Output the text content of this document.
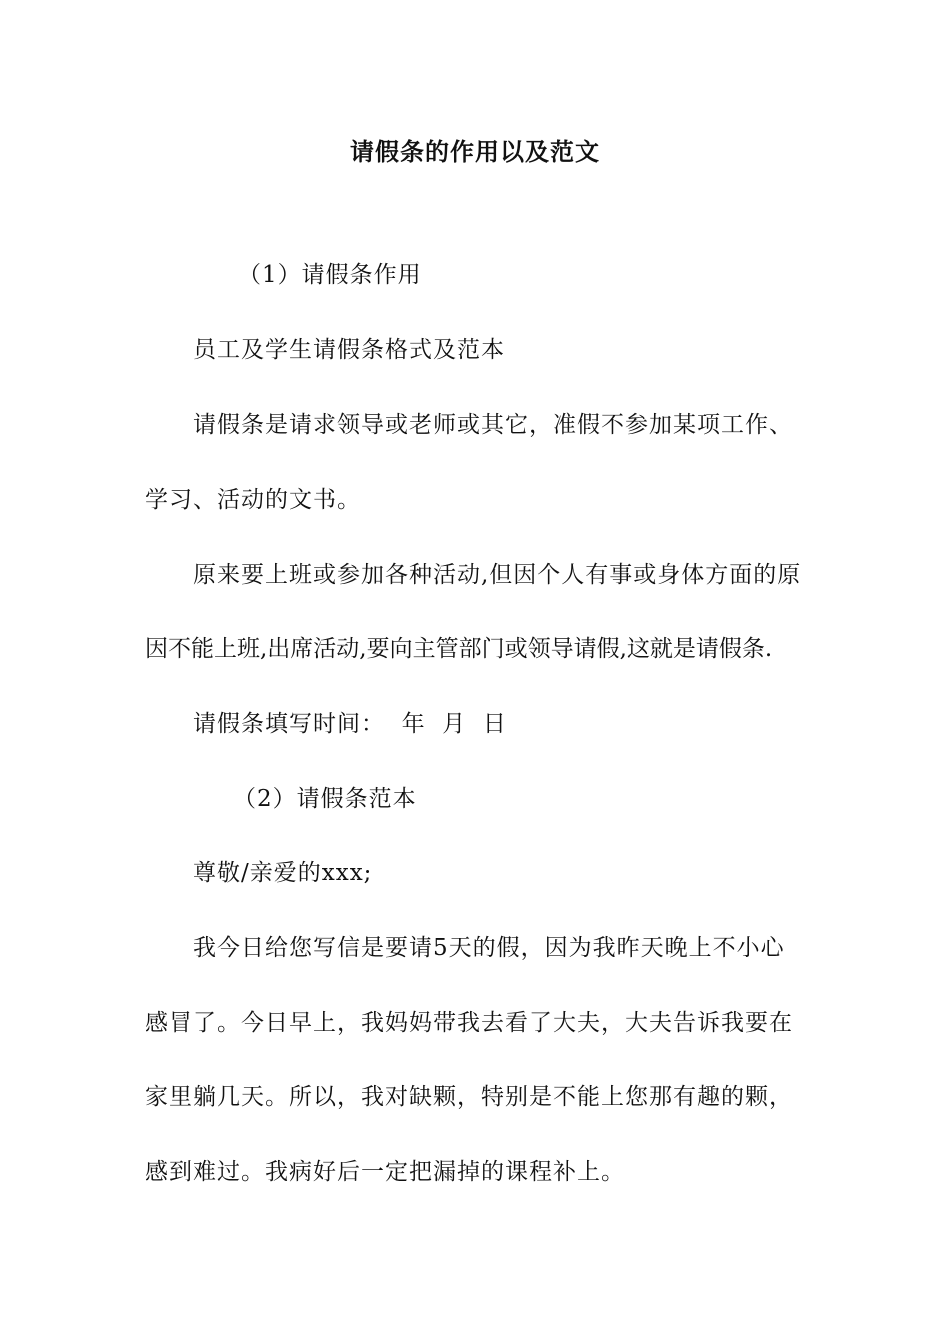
请假条的作用以及范文
（1）请假条作用
员工及学生请假条格式及范本
请假条是请求领导或老师或其它，准假不参加某项工作、
学习、活动的文书。
原来要上班或参加各种活动,但因个人有事或身体方面的原
因不能上班,出席活动,要向主管部门或领导请假,这就是请假条.
请假条填写时间：  年  月  日
（2）请假条范本
尊敬/亲爱的xxx;
我今日给您写信是要请5天的假，因为我昨天晚上不小心
感冒了。今日早上，我妈妈带我去看了大夫，大夫告诉我要在
家里躺几天。所以，我对缺颗，特别是不能上您那有趣的颗，
感到难过。我病好后一定把漏掉的课程补上。
